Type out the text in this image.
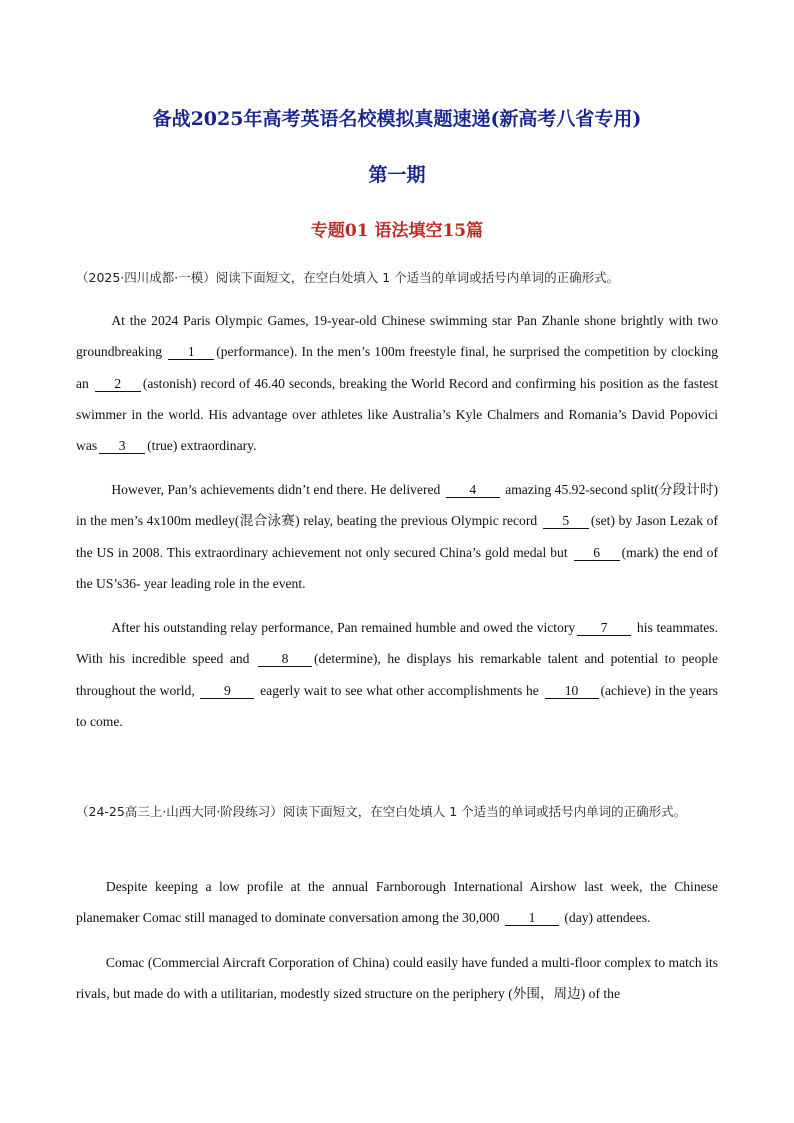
备战2025年高考英语名校模拟真题速递(新高考八省专用)
第一期
专题01 语法填空15篇
（2025·四川成都·一模）阅读下面短文，在空白处填入 1 个适当的单词或括号内单词的正确形式。
At the 2024 Paris Olympic Games, 19-year-old Chinese swimming star Pan Zhanle shone brightly with two groundbreaking 1 (performance). In the men’s 100m freestyle final, he surprised the competition by clocking an 2 (astonish) record of 46.40 seconds, breaking the World Record and confirming his position as the fastest swimmer in the world. His advantage over athletes like Australia’s Kyle Chalmers and Romania’s David Popovici was 3 (true) extraordinary.
However, Pan’s achievements didn’t end there. He delivered 4 amazing 45.92-second split(分段计时) in the men’s 4x100m medley(混合泳赛) relay, beating the previous Olympic record 5 (set) by Jason Lezak of the US in 2008. This extraordinary achievement not only secured China’s gold medal but 6 (mark) the end of the US’s36- year leading role in the event.
After his outstanding relay performance, Pan remained humble and owed the victory 7 his teammates. With his incredible speed and 8 (determine), he displays his remarkable talent and potential to people throughout the world, 9 eagerly wait to see what other accomplishments he 10 (achieve) in the years to come.
（24-25高三上·山西大同·阶段练习）阅读下面短文，在空白处填人 1 个适当的单词或括号内单词的正确形式。
Despite keeping a low profile at the annual Farnborough International Airshow last week, the Chinese planemaker Comac still managed to dominate conversation among the 30,000 1 (day) attendees.
Comac (Commercial Aircraft Corporation of China) could easily have funded a multi-floor complex to match its rivals, but made do with a utilitarian, modestly sized structure on the periphery (外围，周边) of the
